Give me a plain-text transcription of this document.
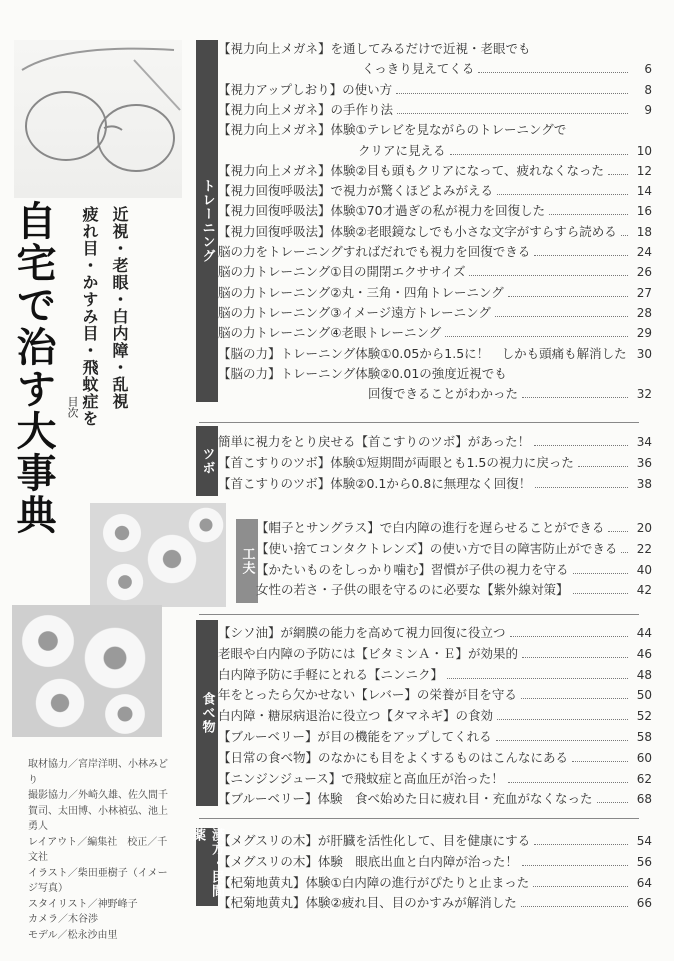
近視・老眼・白内障・乱視

疲れ目・かすみ目・飛蚊症を

自宅で治す大事典 目次
取材協力／宮岸洋明、小林みどり
撮影協力／外崎久雄、佐久間千賀司、太田博、小林禎弘、池上勇人
レイアウト／編集社　校正／千文社
イラスト／柴田亜樹子（イメージ写真）
スタイリスト／神野峰子
カメラ／木谷渉
モデル／松永沙由里
トレーニング
【視力向上メガネ】を通してみるだけで近視・老眼でも
くっきり見えてくる	6
【視力アップしおり】の使い方	8
【視力向上メガネ】の手作り法	9
【視力向上メガネ】体験①テレビを見ながらのトレーニングで
クリアに見える	10
【視力向上メガネ】体験②目も頭もクリアになって、疲れなくなった	12
【視力回復呼吸法】で視力が驚くほどよみがえる	14
【視力回復呼吸法】体験①70才過ぎの私が視力を回復した	16
【視力回復呼吸法】体験②老眼鏡なしでも小さな文字がすらすら読める	18
脳の力をトレーニングすればだれでも視力を回復できる	24
脳の力トレーニング①目の開閉エクササイズ	26
脳の力トレーニング②丸・三角・四角トレーニング	27
脳の力トレーニング③イメージ遠方トレーニング	28
脳の力トレーニング④老眼トレーニング	29
【脳の力】トレーニング体験①0.05から1.5に！　しかも頭痛も解消した 30
【脳の力】トレーニング体験②0.01の強度近視でも
回復できることがわかった	32
ツボ
簡単に視力をとり戻せる【首こすりのツボ】があった！	34
【首こすりのツボ】体験①短期間が両眼とも1.5の視力に戻った	36
【首こすりのツボ】体験②0.1から0.8に無理なく回復！	38
工夫
【帽子とサングラス】で白内障の進行を遅らせることができる	20
【使い捨てコンタクトレンズ】の使い方で目の障害防止ができる	22
【かたいものをしっかり噛む】習慣が子供の視力を守る	40
女性の若さ・子供の眼を守るのに必要な【紫外線対策】	42
食べ物
【シソ油】が網膜の能力を高めて視力回復に役立つ	44
老眼や白内障の予防には【ビタミンＡ・Ｅ】が効果的	46
白内障予防に手軽にとれる【ニンニク】	48
年をとったら欠かせない【レバー】の栄養が目を守る	50
白内障・糖尿病退治に役立つ【タマネギ】の食効	52
【ブルーベリー】が目の機能をアップしてくれる	58
【日常の食べ物】のなかにも目をよくするものはこんなにある	60
【ニンジンジュース】で飛蚊症と高血圧が治った！	62
【ブルーベリー】体験　食べ始めた日に疲れ目・充血がなくなった	68
漢方・民間薬	【メグスリの木】が肝臓を活性化して、目を健康にする	54
【メグスリの木】体験　眼底出血と白内障が治った！	56
【杞菊地黄丸】体験①白内障の進行がぴたりと止まった	64
【杞菊地黄丸】体験②疲れ目、目のかすみが解消した	66
